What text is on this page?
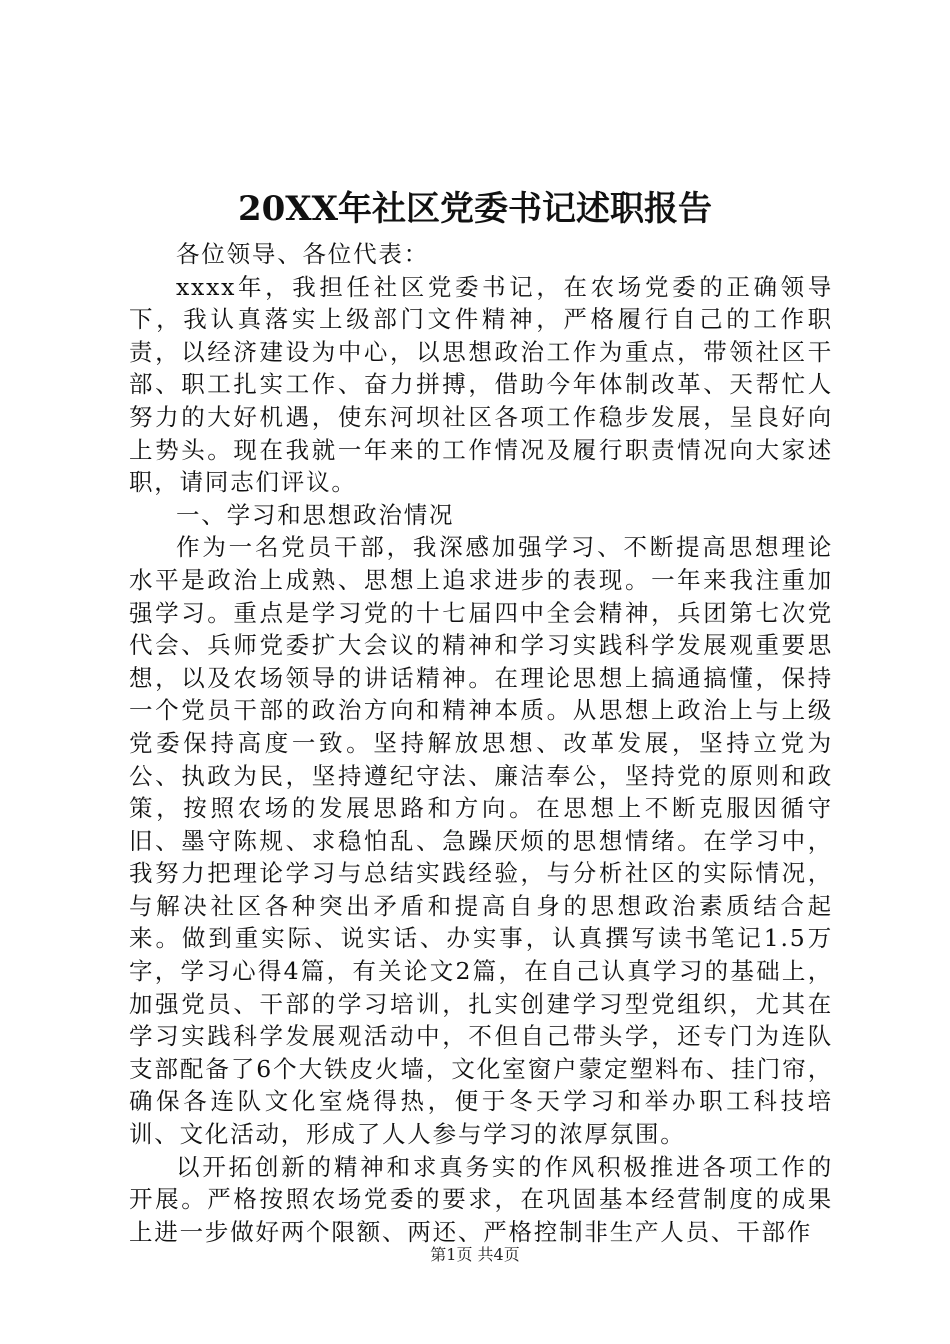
20XX年社区党委书记述职报告

各位领导、各位代表：

xxxx年，我担任社区党委书记，在农场党委的正确领导下，我认真落实上级部门文件精神，严格履行自己的工作职责，以经济建设为中心，以思想政治工作为重点，带领社区干部、职工扎实工作、奋力拼搏，借助今年体制改革、天帮忙人努力的大好机遇，使东河坝社区各项工作稳步发展，呈良好向上势头。现在我就一年来的工作情况及履行职责情况向大家述职，请同志们评议。

一、学习和思想政治情况

作为一名党员干部，我深感加强学习、不断提高思想理论水平是政治上成熟、思想上追求进步的表现。一年来我注重加强学习。重点是学习党的十七届四中全会精神，兵团第七次党代会、兵师党委扩大会议的精神和学习实践科学发展观重要思想，以及农场领导的讲话精神。在理论思想上搞通搞懂，保持一个党员干部的政治方向和精神本质。从思想上政治上与上级党委保持高度一致。坚持解放思想、改革发展，坚持立党为公、执政为民，坚持遵纪守法、廉洁奉公，坚持党的原则和政策，按照农场的发展思路和方向。在思想上不断克服因循守旧、墨守陈规、求稳怕乱、急躁厌烦的思想情绪。在学习中，我努力把理论学习与总结实践经验，与分析社区的实际情况，与解决社区各种突出矛盾和提高自身的思想政治素质结合起来。做到重实际、说实话、办实事，认真撰写读书笔记1.5万字，学习心得4篇，有关论文2篇，在自己认真学习的基础上，加强党员、干部的学习培训，扎实创建学习型党组织，尤其在学习实践科学发展观活动中，不但自己带头学，还专门为连队支部配备了6个大铁皮火墙，文化室窗户蒙定塑料布、挂门帘，确保各连队文化室烧得热，便于冬天学习和举办职工科技培训、文化活动，形成了人人参与学习的浓厚氛围。

以开拓创新的精神和求真务实的作风积极推进各项工作的开展。严格按照农场党委的要求，在巩固基本经营制度的成果上进一步做好两个限额、两还、严格控制非生产人员、干部作

第1页 共4页
